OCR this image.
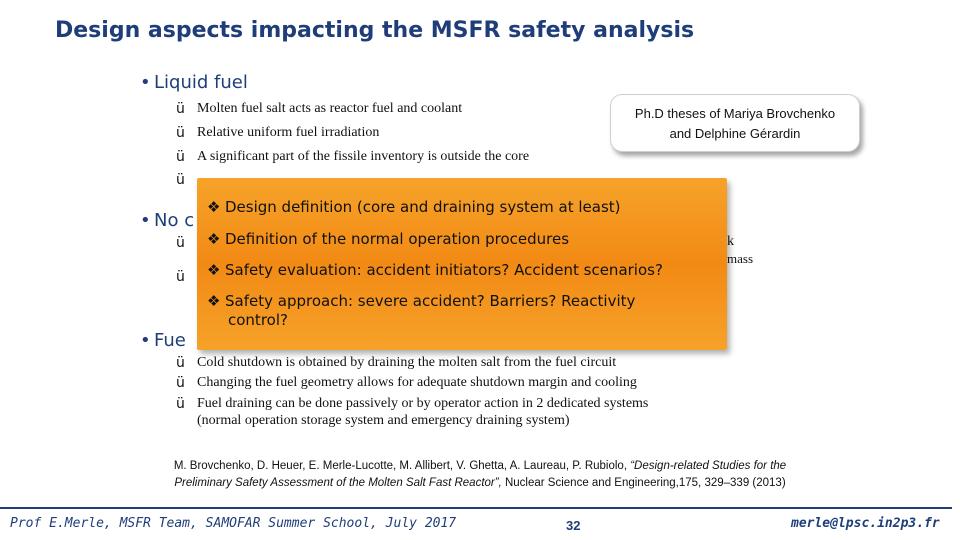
Design aspects impacting the MSFR safety analysis
• Liquid fuel
ü Molten fuel salt acts as reactor fuel and coolant
ü Relative uniform fuel irradiation
ü A significant part of the fissile inventory is outside the core
ü
• No c
ü
ü
k
mass
Ph.D theses of Mariya Brovchenko
and Delphine Gérardin
❖ Design definition (core and draining system at least)
❖ Definition of the normal operation procedures
❖ Safety evaluation: accident initiators? Accident scenarios?
❖ Safety approach: severe accident? Barriers? Reactivity
control?
• Fue
ü Cold shutdown is obtained by draining the molten salt from the fuel circuit
ü Changing the fuel geometry allows for adequate shutdown margin and cooling
ü Fuel draining can be done passively or by operator action in 2 dedicated systems
(normal operation storage system and emergency draining system)
M. Brovchenko, D. Heuer, E. Merle-Lucotte, M. Allibert, V. Ghetta, A. Laureau, P. Rubiolo, “Design-related Studies for the
Preliminary Safety Assessment of the Molten Salt Fast Reactor”, Nuclear Science and Engineering,175, 329–339 (2013)
Prof E.Merle, MSFR Team, SAMOFAR Summer School, July 2017	32	merle@lpsc.in2p3.fr
